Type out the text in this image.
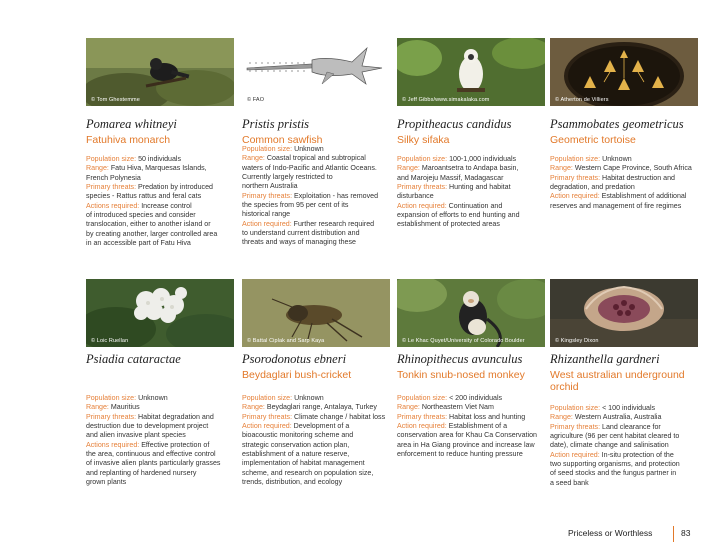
© Tom Ghestemme
Pomarea whitneyi
Fatuhiva monarch

Population size: 50 individuals

Range: Fatu Hiva, Marquesas Islands,

French Polynesia

Primary threats: Predation by introduced

species - Rattus rattus and feral cats

Actions required: Increase control

of introduced species and consider

translocation, either to another island or

by creating another, larger controlled area

in an accessible part of Fatu Hiva

© FAO
Pristis pristis
Common sawfish

Population size: Unknown

Range: Coastal tropical and subtropical

waters of Indo-Pacific and Atlantic Oceans.

Currently largely restricted to

northern Australia

Primary threats: Exploitation - has removed

the species from 95 per cent of its

historical range

Action required: Further research required

to understand current distribution and

threats and ways of managing these

© Jeff Gibbs/www.simakalaka.com
Propitheacus candidus
Silky sifaka

Population size: 100-1,000 individuals

Range: Maroantsetra to Andapa basin,

and Marojeju Massif, Madagascar

Primary threats: Hunting and habitat

disturbance

Action required: Continuation and

expansion of efforts to end hunting and

establishment of protected areas

© Atherton de Villiers
Psammobates geometricus
Geometric tortoise

Population size: Unknown

Range: Western Cape Province, South Africa

Primary threats: Habitat destruction and

degradation, and predation

Action required: Establishment of additional

reserves and management of fire regimes

© Loic Ruellan
Psiadia cataractae

Population size: Unknown

Range: Mauritius

Primary threats: Habitat degradation and

destruction due to development project

and alien invasive plant species

Actions required: Effective protection of

the area, continuous and effective control

of invasive alien plants particularly grasses

and replanting of hardened nursery

grown plants

© Battal Ciplak and Sarp Kaya
Psorodonotus ebneri
Beydaglari bush-cricket

Population size: Unknown

Range: Beydaglari range, Antalaya, Turkey

Primary threats: Climate change / habitat loss

Action required: Development of a

bioacoustic monitoring scheme and

strategic conservation action plan,

establishment of a nature reserve,

implementation of habitat management

scheme, and research on population size,

trends, distribution, and ecology

© Le Khac Quyet/University of Colorado Boulder
Rhinopithecus avunculus
Tonkin snub-nosed monkey

Population size: < 200 individuals

Range: Northeastern Viet Nam

Primary threats: Habitat loss and hunting

Action required: Establishment of a

conservation area for Khau Ca Conservation

area in Ha Giang province and increase law

enforcement to reduce hunting pressure

© Kingsley Dixon
Rhizanthella gardneri
West australian underground orchid

Population size: < 100 individuals

Range: Western Australia, Australia

Primary threats: Land clearance for

agriculture (96 per cent habitat cleared to

date), climate change and salinisation

Action required: In-situ protection of the

two supporting organisms, and protection

of seed stocks and the fungus partner in

a seed bank

Priceless or Worthless	83
